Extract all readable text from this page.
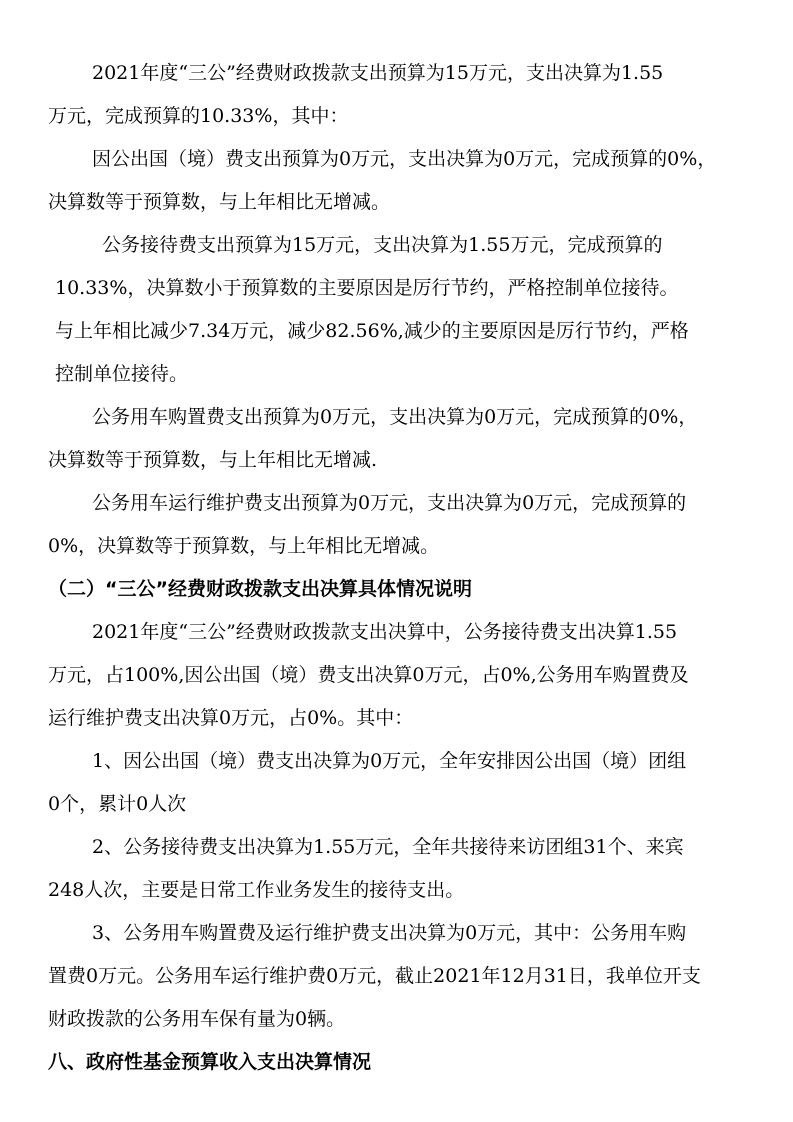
2021年度“三公”经费财政拨款支出预算为15万元，支出决算为1.55
万元，完成预算的10.33%，其中：
因公出国（境）费支出预算为0万元，支出决算为0万元，完成预算的0%，
决算数等于预算数，与上年相比无增减。
公务接待费支出预算为15万元，支出决算为1.55万元，完成预算的
10.33%，决算数小于预算数的主要原因是厉行节约，严格控制单位接待。
与上年相比减少7.34万元，减少82.56%,减少的主要原因是厉行节约，严格
控制单位接待。
公务用车购置费支出预算为0万元，支出决算为0万元，完成预算的0%，
决算数等于预算数，与上年相比无增减.
公务用车运行维护费支出预算为0万元，支出决算为0万元，完成预算的
0%，决算数等于预算数，与上年相比无增减。
（二）“三公”经费财政拨款支出决算具体情况说明
2021年度“三公”经费财政拨款支出决算中，公务接待费支出决算1.55
万元，占100%,因公出国（境）费支出决算0万元，占0%,公务用车购置费及
运行维护费支出决算0万元，占0%。其中：
1、因公出国（境）费支出决算为0万元，全年安排因公出国（境）团组
0个，累计0人次
2、公务接待费支出决算为1.55万元，全年共接待来访团组31个、来宾
248人次，主要是日常工作业务发生的接待支出。
3、公务用车购置费及运行维护费支出决算为0万元，其中：公务用车购
置费0万元。公务用车运行维护费0万元，截止2021年12月31日，我单位开支
财政拨款的公务用车保有量为0辆。
八、政府性基金预算收入支出决算情况
